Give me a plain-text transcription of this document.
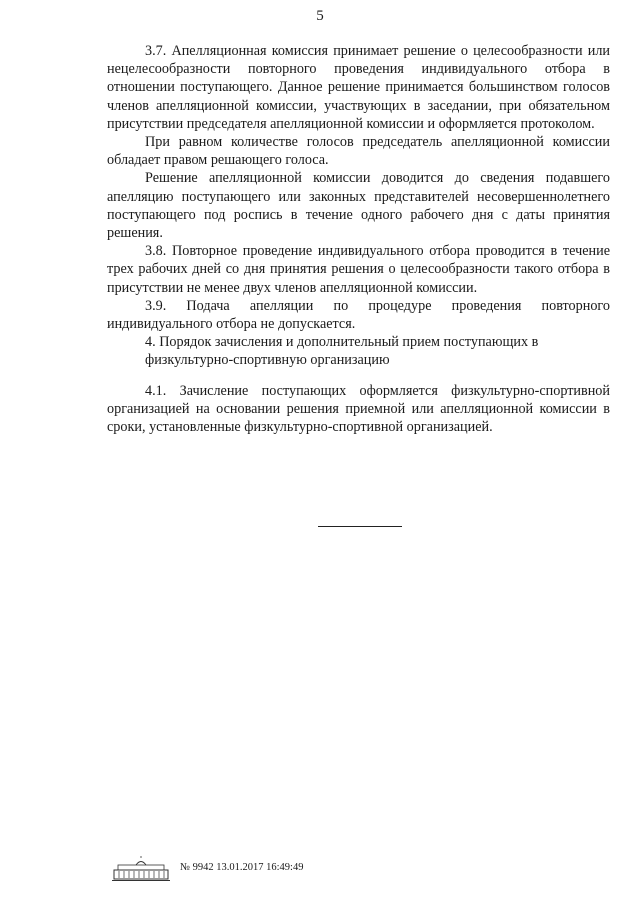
5

3.7. Апелляционная комиссия принимает решение о целесообразности или нецелесообразности повторного проведения индивидуального отбора в отношении поступающего. Данное решение принимается большинством голосов членов апелляционной комиссии, участвующих в заседании, при обязательном присутствии председателя апелляционной комиссии и оформляется протоколом.

При равном количестве голосов председатель апелляционной комиссии обладает правом решающего голоса.

Решение апелляционной комиссии доводится до сведения подавшего апелляцию поступающего или законных представителей несовершеннолетнего поступающего под роспись в течение одного рабочего дня с даты принятия решения.

3.8. Повторное проведение индивидуального отбора проводится в течение трех рабочих дней со дня принятия решения о целесообразности такого отбора в присутствии не менее двух членов апелляционной комиссии.

3.9. Подача апелляции по процедуре проведения повторного индивидуального отбора не допускается.

4. Порядок зачисления и дополнительный прием поступающих в
физкультурно-спортивную организацию

4.1. Зачисление поступающих оформляется физкультурно-спортивной организацией на основании решения приемной или апелляционной комиссии в сроки, установленные физкультурно-спортивной организацией.

№ 9942 13.01.2017 16:49:49
